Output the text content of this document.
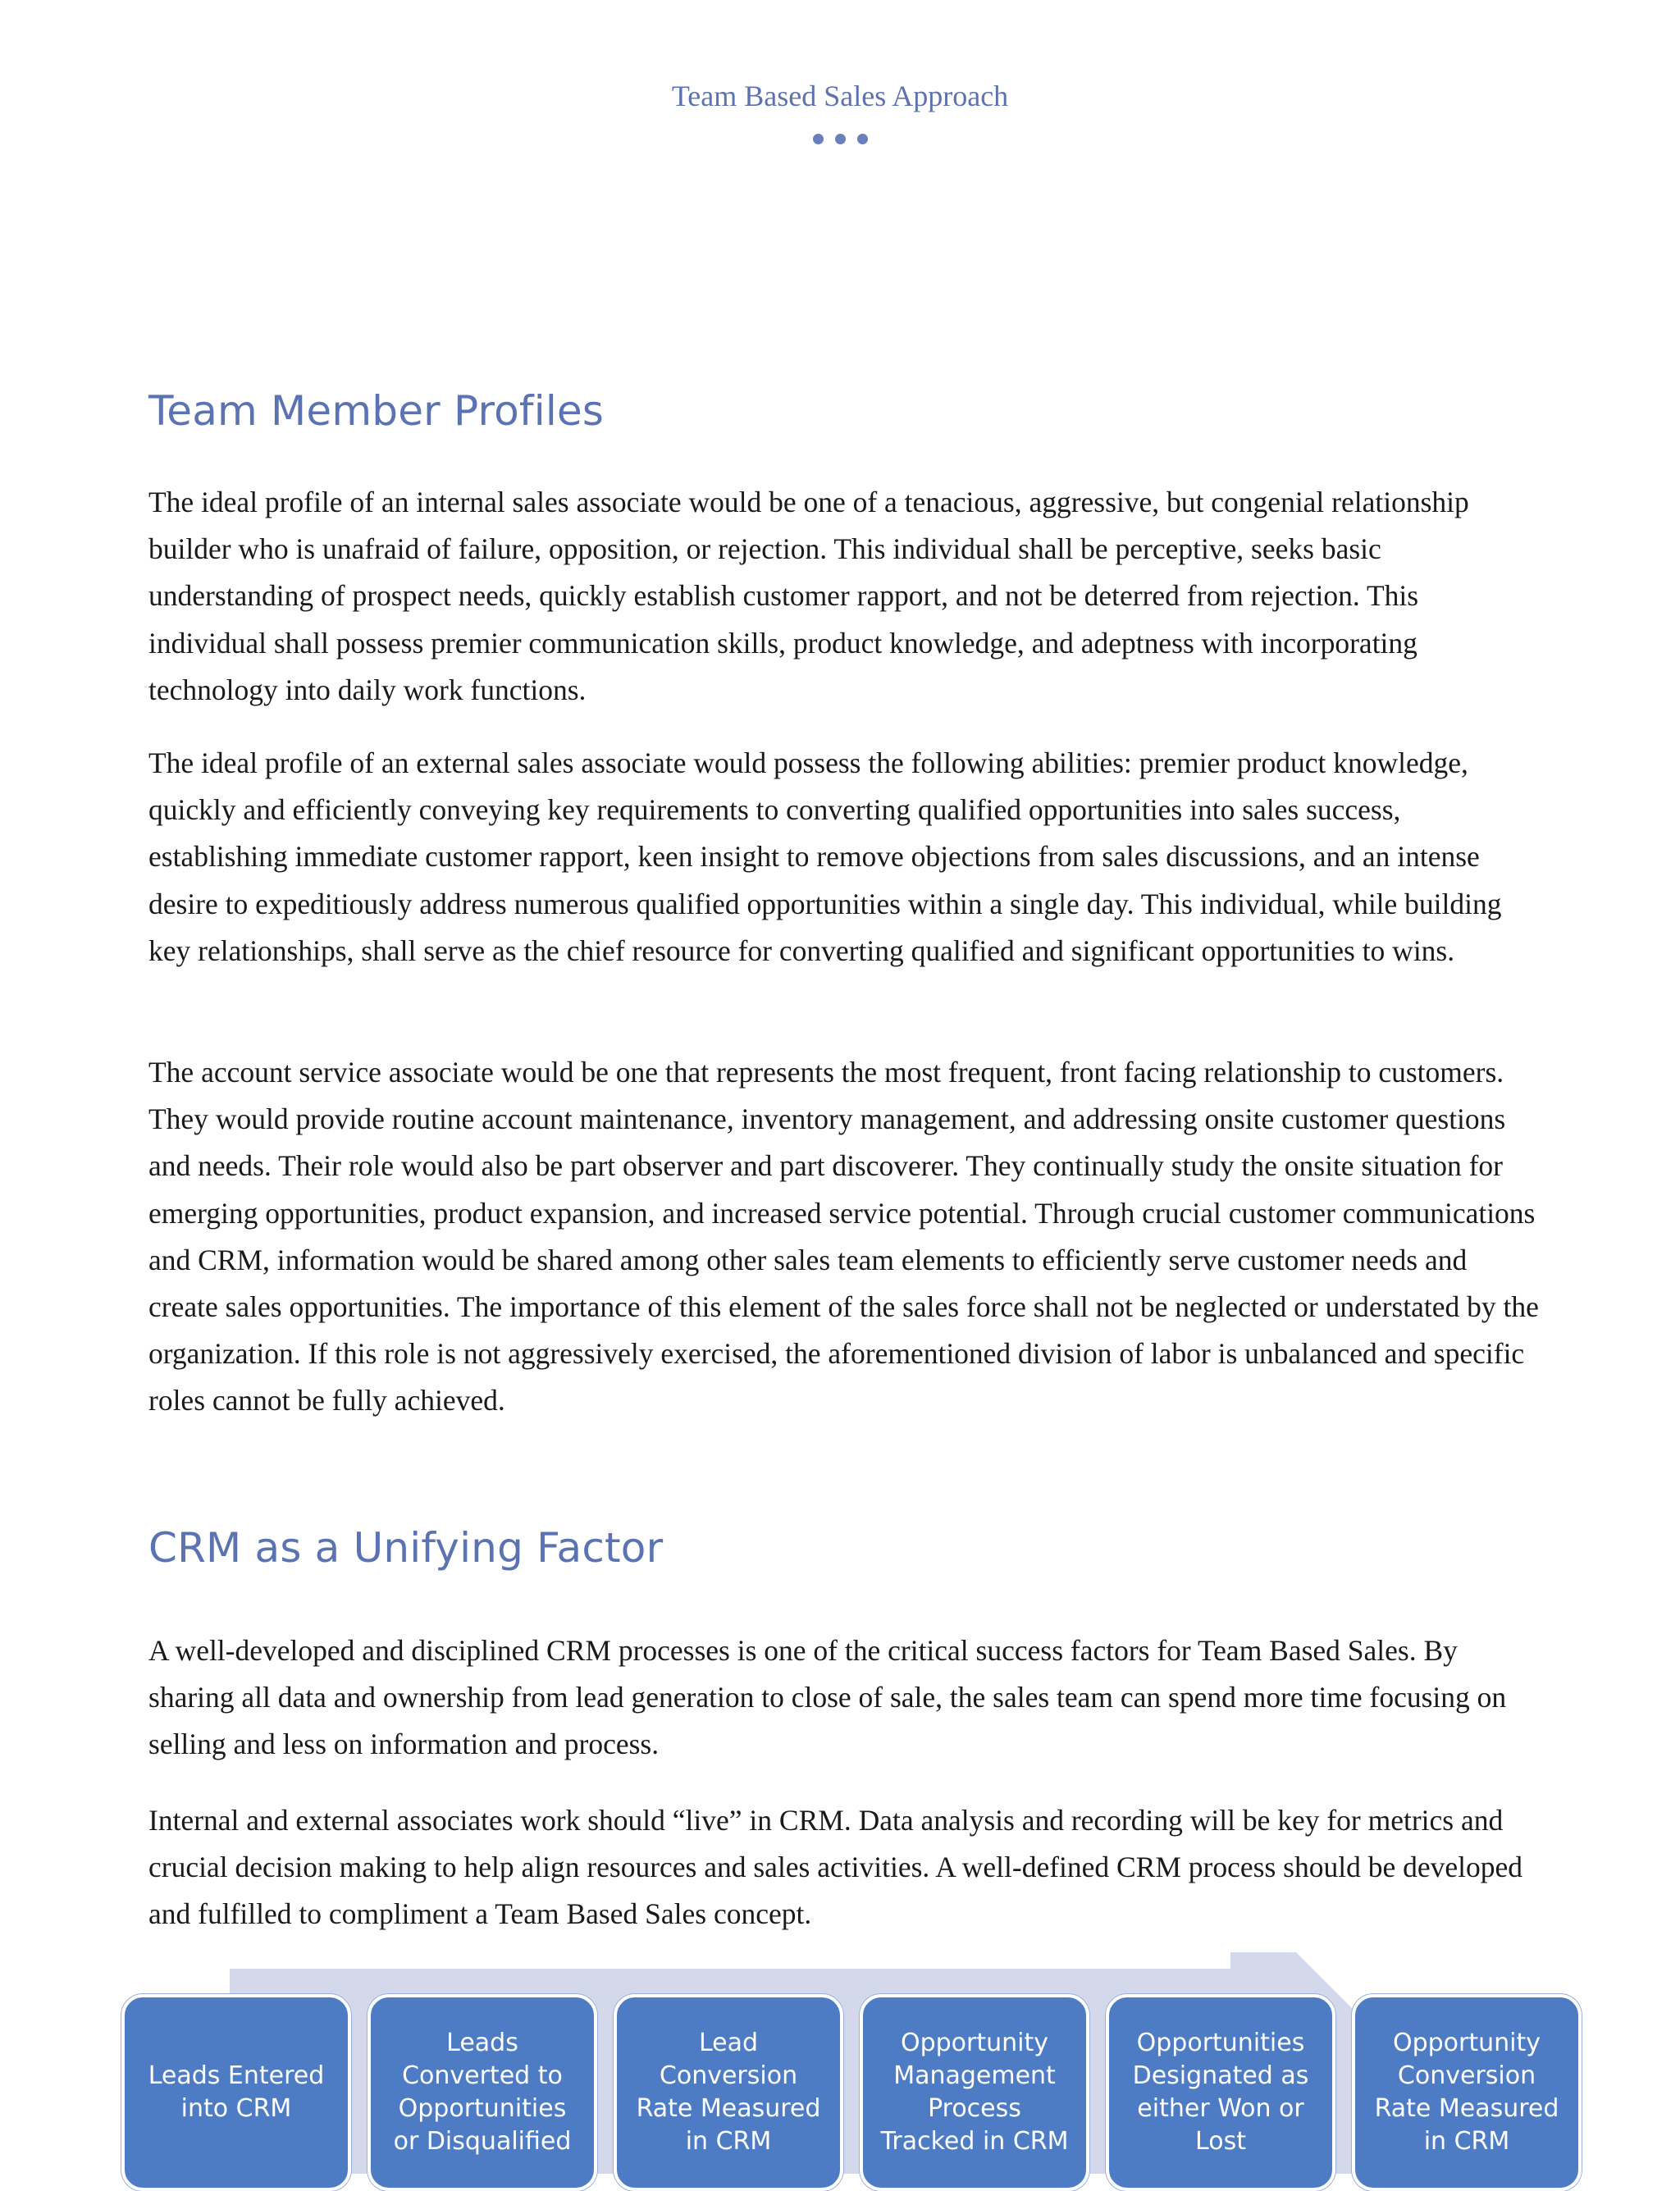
Team Based Sales Approach
Team Member Profiles

The ideal profile of an internal sales associate would be one of a tenacious, aggressive, but congenial relationship builder who is unafraid of failure, opposition, or rejection. This individual shall be perceptive, seeks basic understanding of prospect needs, quickly establish customer rapport, and not be deterred from rejection. This individual shall possess premier communication skills, product knowledge, and adeptness with incorporating technology into daily work functions.

The ideal profile of an external sales associate would possess the following abilities: premier product knowledge, quickly and efficiently conveying key requirements to converting qualified opportunities into sales success, establishing immediate customer rapport, keen insight to remove objections from sales discussions, and an intense desire to expeditiously address numerous qualified opportunities within a single day. This individual, while building key relationships, shall serve as the chief resource for converting qualified and significant opportunities to wins.

The account service associate would be one that represents the most frequent, front facing relationship to customers. They would provide routine account maintenance, inventory management, and addressing onsite customer questions and needs. Their role would also be part observer and part discoverer. They continually study the onsite situation for emerging opportunities, product expansion, and increased service potential. Through crucial customer communications and CRM, information would be shared among other sales team elements to efficiently serve customer needs and create sales opportunities. The importance of this element of the sales force shall not be neglected or understated by the organization. If this role is not aggressively exercised, the aforementioned division of labor is unbalanced and specific roles cannot be fully achieved.

CRM as a Unifying Factor

A well-developed and disciplined CRM processes is one of the critical success factors for Team Based Sales. By sharing all data and ownership from lead generation to close of sale, the sales team can spend more time focusing on selling and less on information and process.

Internal and external associates work should “live” in CRM. Data analysis and recording will be key for metrics and crucial decision making to help align resources and sales activities. A well-defined CRM process should be developed and fulfilled to compliment a Team Based Sales concept.

Leads Entered
into CRM
Leads
Converted to
Opportunities
or Disqualified
Lead
Conversion
Rate Measured
in CRM
Opportunity
Management
Process
Tracked in CRM
Opportunities
Designated as
either Won or
Lost
Opportunity
Conversion
Rate Measured
in CRM
